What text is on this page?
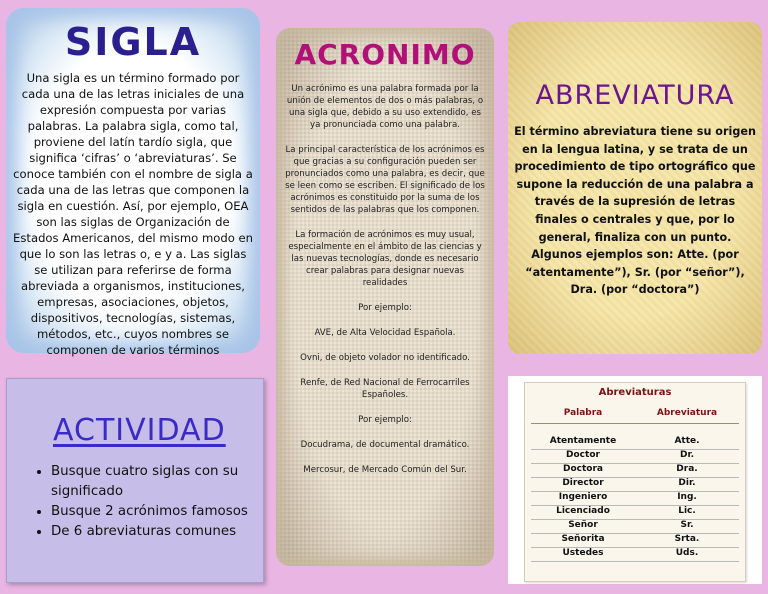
SIGLA

Una sigla es un término formado por cada una de las letras iniciales de una expresión compuesta por varias palabras. La palabra sigla, como tal, proviene del latín tardío sigla, que significa ‘cifras’ o ‘abreviaturas’. Se conoce también con el nombre de sigla a cada una de las letras que componen la sigla en cuestión. Así, por ejemplo, OEA son las siglas de Organización de Estados Americanos, del mismo modo en que lo son las letras o, e y a. Las siglas se utilizan para referirse de forma abreviada a organismos, instituciones, empresas, asociaciones, objetos, dispositivos, tecnologías, sistemas, métodos, etc., cuyos nombres se componen de varios términos

ACRONIMO

Un acrónimo es una palabra formada por la unión de elementos de dos o más palabras, o una sigla que, debido a su uso extendido, es ya pronunciada como una palabra.

La principal característica de los acrónimos es que gracias a su configuración pueden ser pronunciados como una palabra, es decir, que se leen como se escriben. El significado de los acrónimos es constituido por la suma de los sentidos de las palabras que los componen.

La formación de acrónimos es muy usual, especialmente en el ámbito de las ciencias y las nuevas tecnologías, donde es necesario crear palabras para designar nuevas realidades

Por ejemplo:

AVE, de Alta Velocidad Española.

Ovni, de objeto volador no identificado.

Renfe, de Red Nacional de Ferrocarriles Españoles.

Por ejemplo:

Docudrama, de documental dramático.

Mercosur, de Mercado Común del Sur.

ABREVIATURA

El término abreviatura tiene su origen en la lengua latina, y se trata de un procedimiento de tipo ortográfico que supone la reducción de una palabra a través de la supresión de letras finales o centrales y que, por lo general, finaliza con un punto. Algunos ejemplos son: Atte. (por “atentamente”), Sr. (por “señor”), Dra. (por “doctora”)

ACTIVIDAD
• Busque cuatro siglas con su significado
• Busque 2 acrónimos famosos
• De 6 abreviaturas comunes
Abreviaturas
Palabra	Abreviatura
Atentamente	Atte.
Doctor	Dr.
Doctora	Dra.
Director	Dir.
Ingeniero	Ing.
Licenciado	Lic.
Señor	Sr.
Señorita	Srta.
Ustedes	Uds.
